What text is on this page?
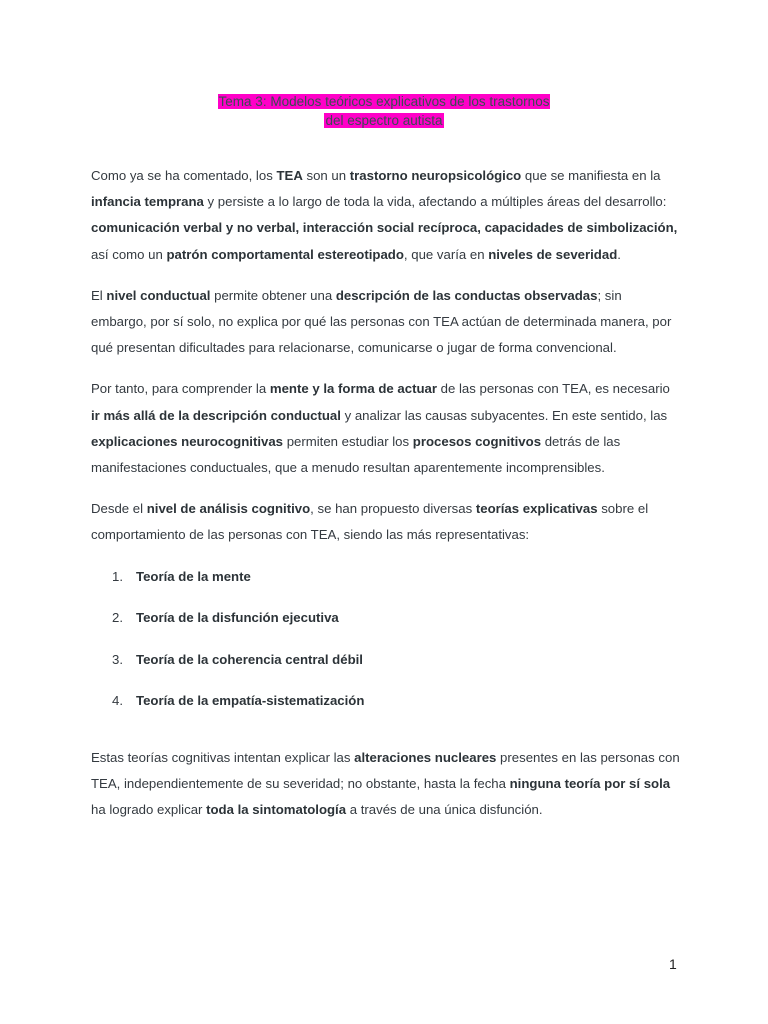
Tema 3: Modelos teóricos explicativos de los trastornos
del espectro autista

Como ya se ha comentado, los TEA son un trastorno neuropsicológico que se manifiesta en la infancia temprana y persiste a lo largo de toda la vida, afectando a múltiples áreas del desarrollo: comunicación verbal y no verbal, interacción social recíproca, capacidades de simbolización, así como un patrón comportamental estereotipado, que varía en niveles de severidad.

El nivel conductual permite obtener una descripción de las conductas observadas; sin embargo, por sí solo, no explica por qué las personas con TEA actúan de determinada manera, por qué presentan dificultades para relacionarse, comunicarse o jugar de forma convencional.

Por tanto, para comprender la mente y la forma de actuar de las personas con TEA, es necesario ir más allá de la descripción conductual y analizar las causas subyacentes. En este sentido, las explicaciones neurocognitivas permiten estudiar los procesos cognitivos detrás de las manifestaciones conductuales, que a menudo resultan aparentemente incomprensibles.

Desde el nivel de análisis cognitivo, se han propuesto diversas teorías explicativas sobre el comportamiento de las personas con TEA, siendo las más representativas:

1. Teoría de la mente
2. Teoría de la disfunción ejecutiva
3. Teoría de la coherencia central débil
4. Teoría de la empatía-sistematización

Estas teorías cognitivas intentan explicar las alteraciones nucleares presentes en las personas con TEA, independientemente de su severidad; no obstante, hasta la fecha ninguna teoría por sí sola ha logrado explicar toda la sintomatología a través de una única disfunción.

1
